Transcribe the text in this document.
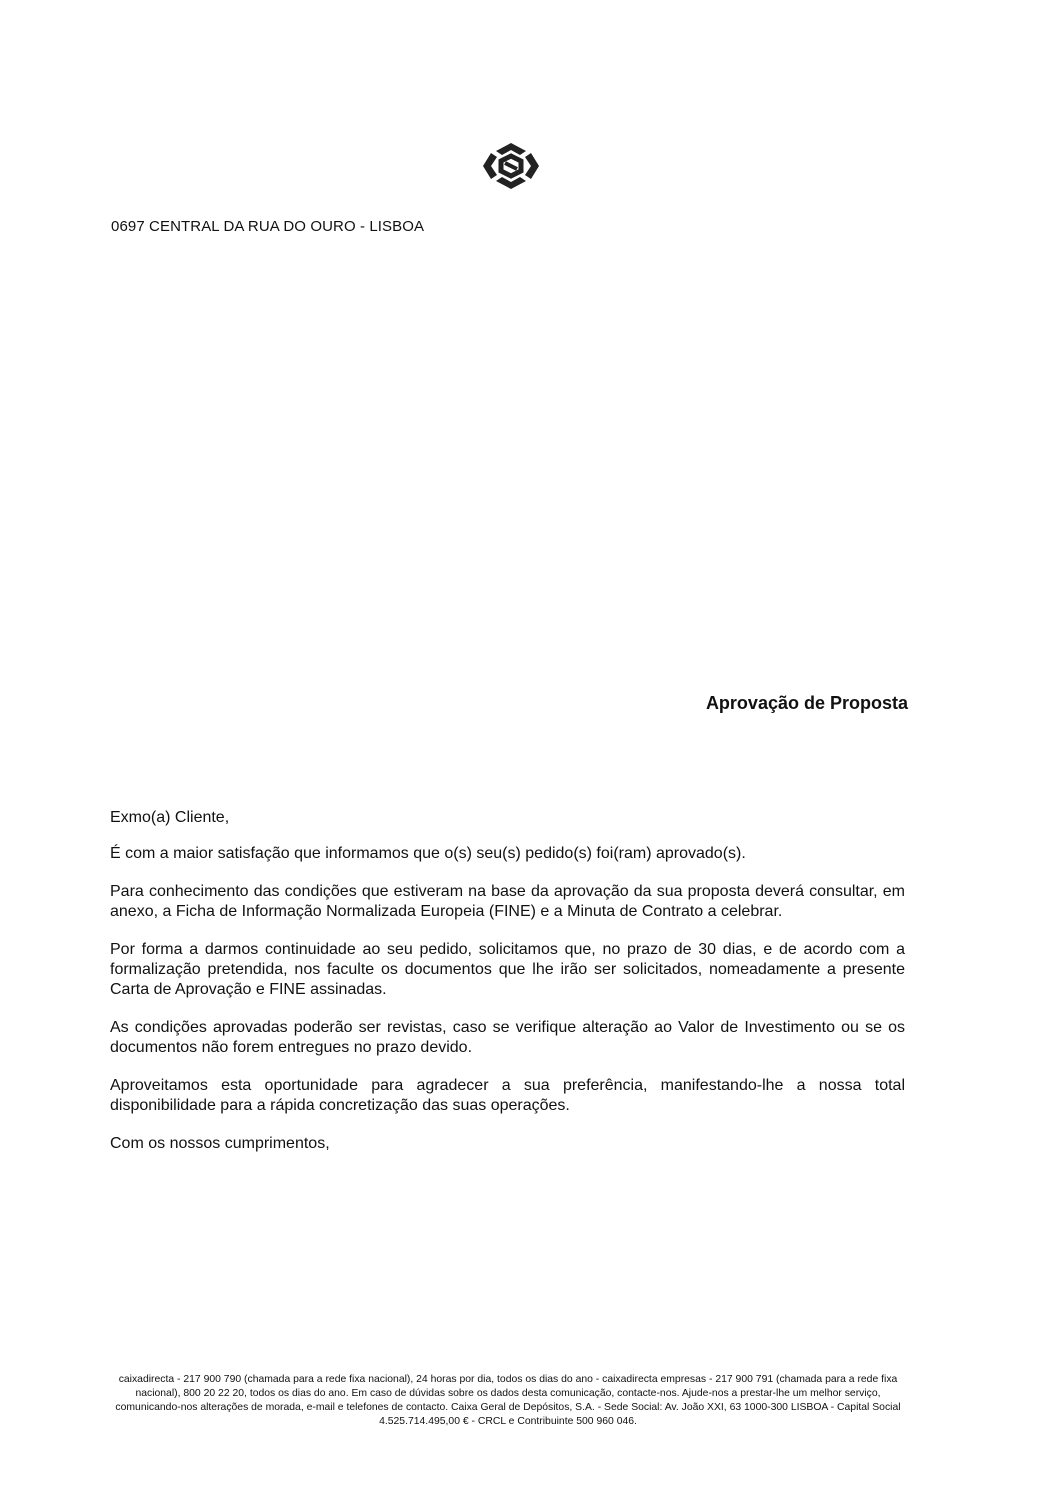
0697 CENTRAL DA RUA DO OURO - LISBOA
Aprovação de Proposta

Exmo(a) Cliente,

É com a maior satisfação que informamos que o(s) seu(s) pedido(s) foi(ram) aprovado(s).

Para conhecimento das condições que estiveram na base da aprovação da sua proposta deverá consultar, em anexo, a Ficha de Informação Normalizada Europeia (FINE) e a Minuta de Contrato a celebrar.

Por forma a darmos continuidade ao seu pedido, solicitamos que, no prazo de 30 dias, e de acordo com a formalização pretendida, nos faculte os documentos que lhe irão ser solicitados, nomeadamente a presente Carta de Aprovação e FINE assinadas.

As condições aprovadas poderão ser revistas, caso se verifique alteração ao Valor de Investimento ou se os documentos não forem entregues no prazo devido.

Aproveitamos esta oportunidade para agradecer a sua preferência, manifestando-lhe a nossa total disponibilidade para a rápida concretização das suas operações.

Com os nossos cumprimentos,

caixadirecta - 217 900 790 (chamada para a rede fixa nacional), 24 horas por dia, todos os dias do ano - caixadirecta empresas - 217 900 791 (chamada para a rede fixa nacional), 800 20 22 20, todos os dias do ano. Em caso de dúvidas sobre os dados desta comunicação, contacte-nos. Ajude-nos a prestar-lhe um melhor serviço, comunicando-nos alterações de morada, e-mail e telefones de contacto. Caixa Geral de Depósitos, S.A. - Sede Social: Av. João XXI, 63 1000-300 LISBOA - Capital Social 4.525.714.495,00 € - CRCL e Contribuinte 500 960 046.
